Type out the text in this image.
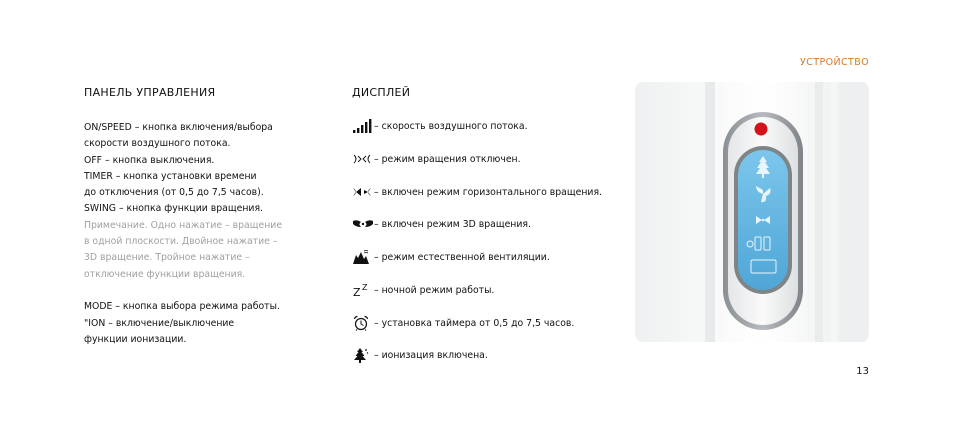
УСТРОЙСТВО
ПАНЕЛЬ УПРАВЛЕНИЯ
ON/SPEED – кнопка включения/выбора
скорости воздушного потока.
OFF – кнопка выключения.
TIMER – кнопка установки времени
до отключения (от 0,5 до 7,5 часов).
SWING – кнопка функции вращения.
Примечание. Одно нажатие – вращение
в одной плоскости. Двойное нажатие –
3D вращение. Тройное нажатие –
отключение функции вращения.
MODE – кнопка выбора режима работы.
"ION – включение/выключение
функции ионизации.
ДИСПЛЕЙ
– скорость воздушного потока.
– режим вращения отключен.
– включен режим горизонтального вращения.
– включен режим 3D вращения.
– режим естественной вентиляции.
Z Z – ночной режим работы.
– установка таймера от 0,5 до 7,5 часов.
– ионизация включена.
13
